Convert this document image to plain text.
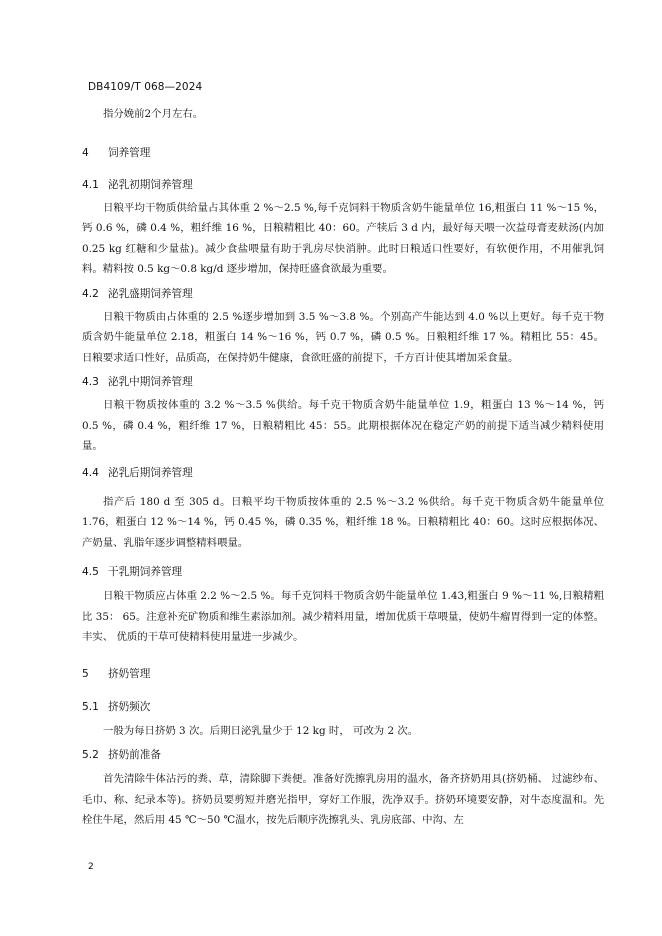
DB4109/T 068—2024

指分娩前2个月左右。

4 饲养管理

4.1 泌乳初期饲养管理

日粮平均干物质供给量占其体重 2 %～2.5 %,每千克饲料干物质含奶牛能量单位 16,粗蛋白 11 %～15 %，钙 0.6 %，磷 0.4 %，粗纤维 16 %，日粮精粗比 40：60。产犊后 3 d 内，最好每天喂一次益母膏麦麸汤(内加 0.25 kg 红糖和少量盐)。减少食盐喂量有助于乳房尽快消肿。此时日粮适口性要好，有软便作用，不用催乳饲料。精料按 0.5 kg～0.8 kg/d 逐步增加，保持旺盛食欲最为重要。

4.2 泌乳盛期饲养管理

日粮干物质由占体重的 2.5 %逐步增加到 3.5 %～3.8 %。个别高产牛能达到 4.0 %以上更好。每千克干物质含奶牛能量单位 2.18，粗蛋白 14 %～16 %，钙 0.7 %，磷 0.5 %。日粮粗纤维 17 %。精粗比 55：45。 日粮要求适口性好，品质高，在保持奶牛健康，食欲旺盛的前提下，千方百计使其增加采食量。

4.3 泌乳中期饲养管理

日粮干物质按体重的 3.2 %～3.5 %供给。每千克干物质含奶牛能量单位 1.9，粗蛋白 13 %～14 %，钙 0.5 %，磷 0.4 %，粗纤维 17 %，日粮精粗比 45：55。此期根据体况在稳定产奶的前提下适当减少精料使用量。

4.4 泌乳后期饲养管理

指产后 180 d 至 305 d。日粮平均干物质按体重的 2.5 %～3.2 %供给。每千克干物质含奶牛能量单位 1.76，粗蛋白 12 %～14 %，钙 0.45 %，磷 0.35 %，粗纤维 18 %。日粮精粗比 40：60。这时应根据体况、产奶量、乳脂年逐步调整精料喂量。

4.5 干乳期饲养管理

日粮干物质应占体重 2.2 %～2.5 %。每千克饲料干物质含奶牛能量单位 1.43,粗蛋白 9 %～11 %,日粮精粗比 35： 65。注意补充矿物质和维生素添加剂。减少精料用量，增加优质干草喂量，使奶牛瘤胃得到一定的体整。丰实、 优质的干草可使精料使用量进一步减少。

5 挤奶管理

5.1 挤奶频次

一般为每日挤奶 3 次。后期日泌乳量少于 12 kg 时， 可改为 2 次。

5.2 挤奶前准备

首先清除牛体沾污的粪、草，清除脚下粪便。准备好洗擦乳房用的温水，备齐挤奶用具(挤奶桶、 过滤纱布、 毛巾、称、纪录本等)。挤奶员要剪短并磨光指甲，穿好工作服，洗净双手。挤奶环境要安静，对牛态度温和。先栓住牛尾，然后用 45 ℃～50 ℃温水，按先后顺序洗擦乳头、乳房底部、中沟、左

2
